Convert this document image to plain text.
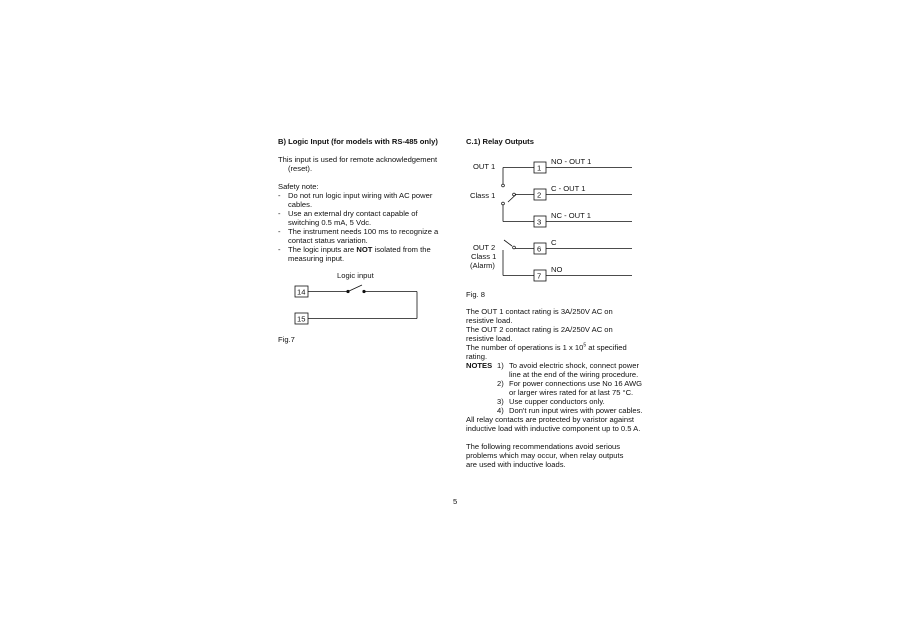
B) Logic Input (for models with RS-485 only)
This input is used for remote acknowledgement
(reset).
Safety note:
- Do not run logic input wiring with AC power
cables.
- Use an external dry contact capable of
switching 0.5 mA, 5 Vdc.
- The instrument needs 100 ms to recognize a
contact status variation.
- The logic inputs are NOT isolated from the
measuring input.
Logic input
14
15
Fig.7
C.1) Relay Outputs
OUT 1
Class 1
OUT 2
Class 1
(Alarm)
1
2
3
6
7
NO - OUT 1
C - OUT 1
NC - OUT 1
C
NO
Fig. 8
The OUT 1 contact rating is 3A/250V AC on
resistive load.
The OUT 2 contact rating is 2A/250V AC on
resistive load.
The number of operations is 1 x $10^5$ at specified
rating.
NOTES 1) To avoid electric shock, connect power
line at the end of the wiring procedure.
2) For power connections use No 16 AWG
or larger wires rated for at last 75 °C.
3) Use cupper conductors only.
4) Don't run input wires with power cables.
All relay contacts are protected by varistor against
inductive load with inductive component up to 0.5 A.
The following recommendations avoid serious
problems which may occur, when relay outputs
are used with inductive loads.
5
